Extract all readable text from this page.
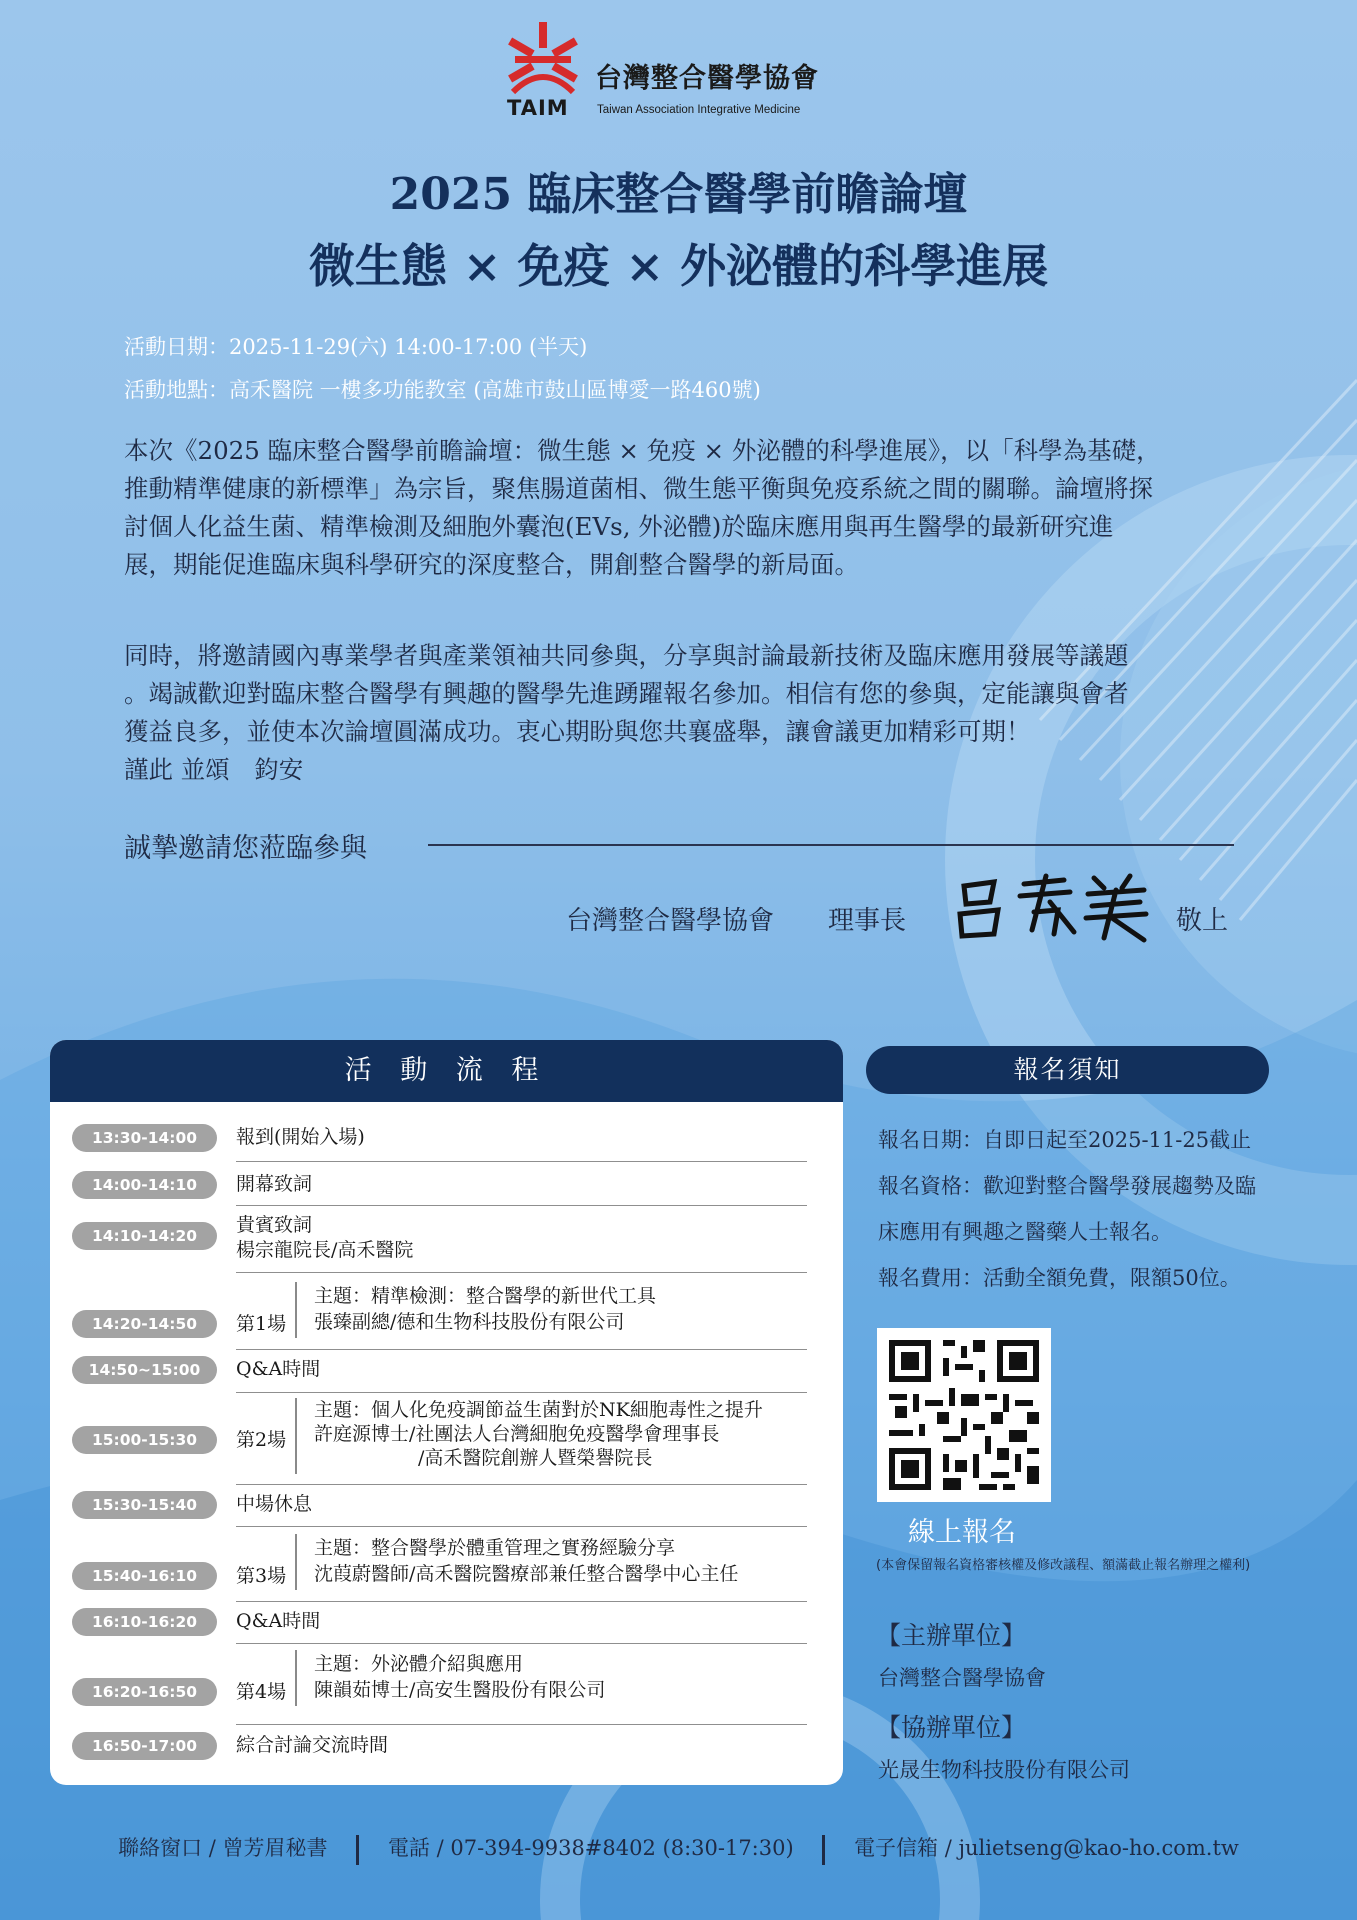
TAIM
台灣整合醫學協會
Taiwan Association Integrative Medicine
2025 臨床整合醫學前瞻論壇
微生態 × 免疫 × 外泌體的科學進展
活動日期：2025-11-29(六) 14:00-17:00 (半天)
活動地點：高禾醫院 一樓多功能教室 (高雄市鼓山區博愛一路460號)
本次《2025 臨床整合醫學前瞻論壇：微生態 × 免疫 × 外泌體的科學進展》，以「科學為基礎，
推動精準健康的新標準」為宗旨，聚焦腸道菌相、微生態平衡與免疫系統之間的關聯。論壇將探
討個人化益生菌、精準檢測及細胞外囊泡(EVs, 外泌體)於臨床應用與再生醫學的最新研究進
展，期能促進臨床與科學研究的深度整合，開創整合醫學的新局面。
同時，將邀請國內專業學者與產業領袖共同參與，分享與討論最新技術及臨床應用發展等議題
。竭誠歡迎對臨床整合醫學有興趣的醫學先進踴躍報名參加。相信有您的參與，定能讓與會者
獲益良多，並使本次論壇圓滿成功。衷心期盼與您共襄盛舉，讓會議更加精彩可期！
謹此 並頌　鈞安
誠摯邀請您蒞臨參與
台灣整合醫學協會 理事長	敬上
活 動 流 程
13:30-14:00	報到(開始入場)
14:00-14:10	開幕致詞
14:10-14:20	貴賓致詞
楊宗龍院長/高禾醫院
14:20-14:50	第1場
主題：精準檢測：整合醫學的新世代工具
張臻副總/德和生物科技股份有限公司
14:50~15:00	Q&A時間
15:00-15:30	第2場
主題：個人化免疫調節益生菌對於NK細胞毒性之提升
許庭源博士/社團法人台灣細胞免疫醫學會理事長
/高禾醫院創辦人暨榮譽院長
15:30-15:40	中場休息
15:40-16:10	第3場
主題：整合醫學於體重管理之實務經驗分享
沈葭蔚醫師/高禾醫院醫療部兼任整合醫學中心主任
16:10-16:20	Q&A時間
16:20-16:50	第4場
主題：外泌體介紹與應用
陳韻茹博士/高安生醫股份有限公司
16:50-17:00	綜合討論交流時間
報名須知
報名日期：自即日起至2025-11-25截止
報名資格：歡迎對整合醫學發展趨勢及臨
床應用有興趣之醫藥人士報名。
報名費用：活動全額免費，限額50位。
線上報名
(本會保留報名資格審核權及修改議程、額滿截止報名辦理之權利)
【主辦單位】
台灣整合醫學協會
【協辦單位】
光晟生物科技股份有限公司
聯絡窗口 / 曾芳眉秘書	電話 / 07-394-9938#8402 (8:30-17:30)	電子信箱 / julietseng@kao-ho.com.tw
